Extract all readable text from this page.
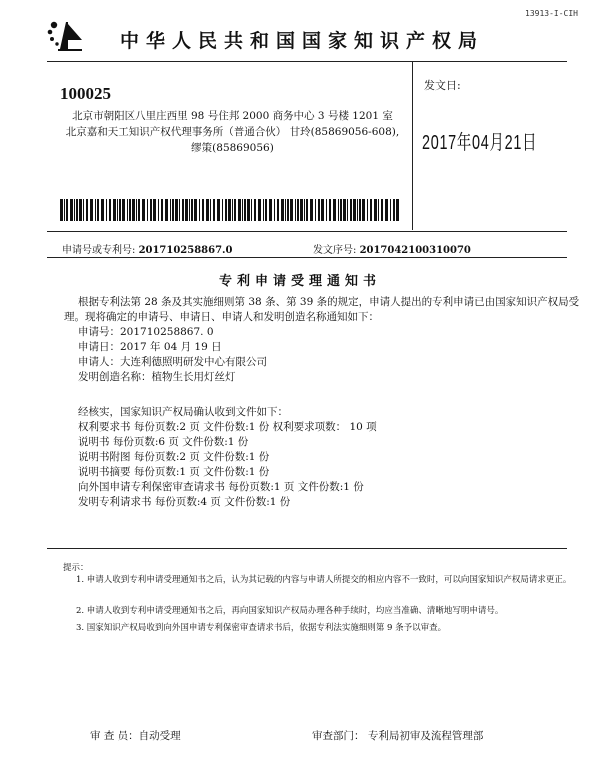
13913-I-CIH
中华人民共和国国家知识产权局
100025
北京市朝阳区八里庄西里 98 号住邦 2000 商务中心 3 号楼 1201 室
北京嘉和天工知识产权代理事务所（普通合伙） 甘玲(85869056-608),
缪策(85869056)
发文日:
2017年04月21日
申请号或专利号: 201710258867.0	发文序号: 2017042100310070
专利申请受理通知书
根据专利法第 28 条及其实施细则第 38 条、第 39 条的规定，申请人提出的专利申请已由国家知识产权局受理。现将确定的申请号、申请日、申请人和发明创造名称通知如下：
申请号：201710258867. 0
申请日：2017 年 04 月 19 日
申请人：大连利德照明研发中心有限公司
发明创造名称：植物生长用灯丝灯
经核实，国家知识产权局确认收到文件如下：
权利要求书 每份页数:2 页 文件份数:1 份 权利要求项数： 10 项
说明书 每份页数:6 页 文件份数:1 份
说明书附图 每份页数:2 页 文件份数:1 份
说明书摘要 每份页数:1 页 文件份数:1 份
向外国申请专利保密审查请求书 每份页数:1 页 文件份数:1 份
发明专利请求书 每份页数:4 页 文件份数:1 份
提示：
1. 申请人收到专利申请受理通知书之后，认为其记载的内容与申请人所提交的相应内容不一致时，可以向国家知识产权局请求更正。
2. 申请人收到专利申请受理通知书之后，再向国家知识产权局办理各种手续时，均应当准确、清晰地写明申请号。
3. 国家知识产权局收到向外国申请专利保密审查请求书后，依据专利法实施细则第 9 条予以审查。
审 查 员：自动受理	审查部门： 专利局初审及流程管理部
